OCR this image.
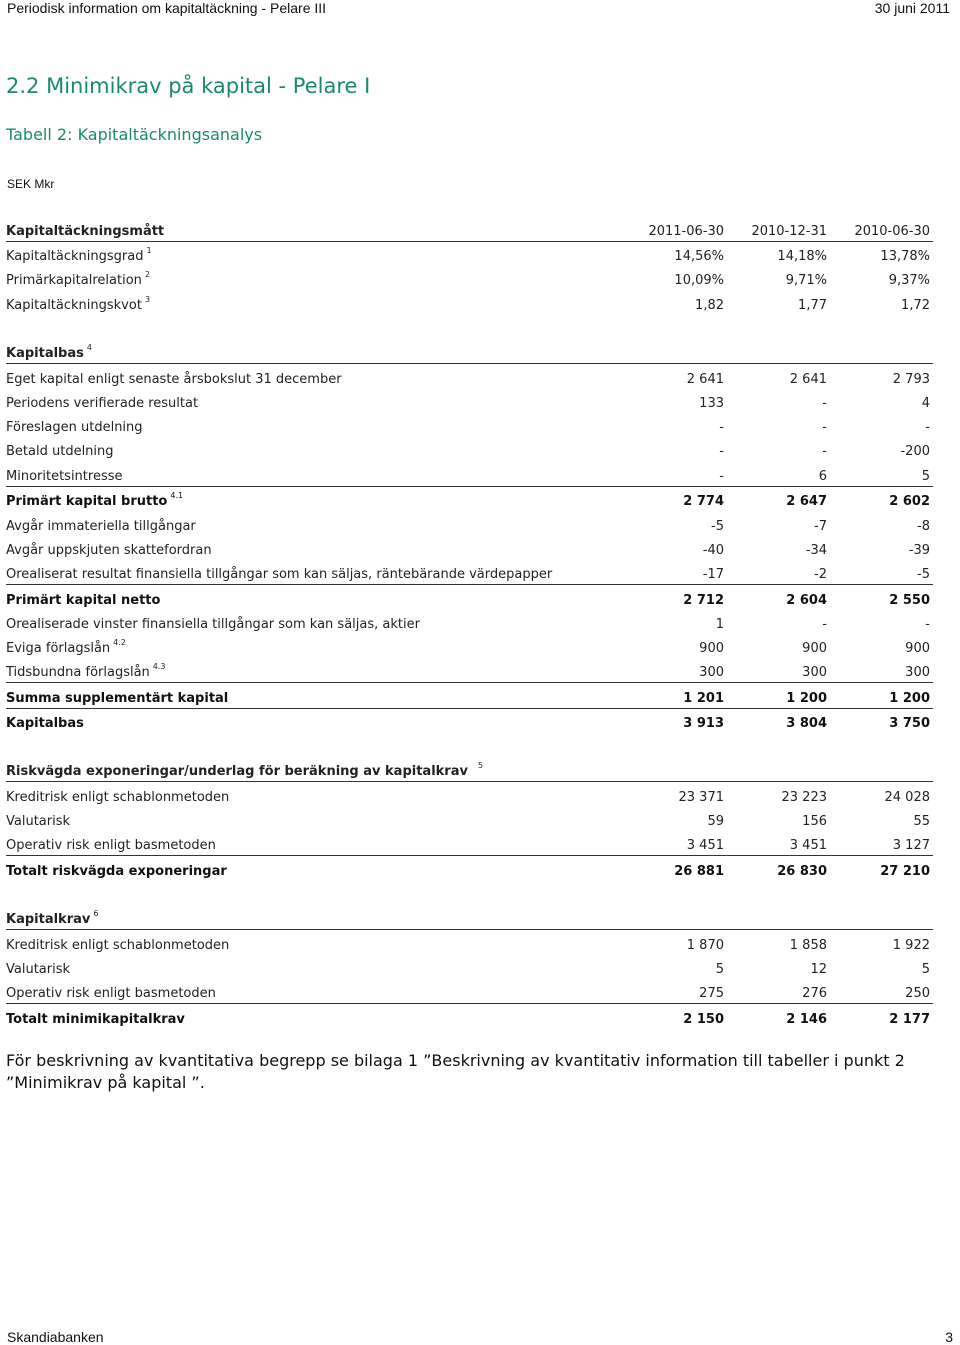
Periodisk information om kapitaltäckning - Pelare III	30 juni 2011
2.2 Minimikrav på kapital - Pelare I
Tabell 2: Kapitaltäckningsanalys
SEK Mkr
Kapitaltäckningsmått	2011-06-30	2010-12-31	2010-06-30
Kapitaltäckningsgrad $^1$	14,56%	14,18%	13,78%
Primärkapitalrelation $^2$	10,09%	9,71%	9,37%
Kapitaltäckningskvot $^3$	1,82	1,77	1,72
Kapitalbas $^4$
Eget kapital enligt senaste årsbokslut 31 december	2 641	2 641	2 793
Periodens verifierade resultat	133	-	4
Föreslagen utdelning	-	-	-
Betald utdelning	-	-	-200
Minoritetsintresse	-	6	5
Primärt kapital brutto $^{4.1}$	2 774	2 647	2 602
Avgår immateriella tillgångar	-5	-7	-8
Avgår uppskjuten skattefordran	-40	-34	-39
Orealiserat resultat finansiella tillgångar som kan säljas, räntebärande värdepapper	-17	-2	-5
Primärt kapital netto	2 712	2 604	2 550
Orealiserade vinster finansiella tillgångar som kan säljas, aktier	1	-	-
Eviga förlagslån $^{4.2}$	900	900	900
Tidsbundna förlagslån $^{4.3}$	300	300	300
Summa supplementärt kapital	1 201	1 200	1 200
Kapitalbas	3 913	3 804	3 750
Riskvägda exponeringar/underlag för beräkning av kapitalkrav $^5$
Kreditrisk enligt schablonmetoden	23 371	23 223	24 028
Valutarisk	59	156	55
Operativ risk enligt basmetoden	3 451	3 451	3 127
Totalt riskvägda exponeringar	26 881	26 830	27 210
Kapitalkrav $^6$
Kreditrisk enligt schablonmetoden	1 870	1 858	1 922
Valutarisk	5	12	5
Operativ risk enligt basmetoden	275	276	250
Totalt minimikapitalkrav	2 150	2 146	2 177
För beskrivning av kvantitativa begrepp se bilaga 1 ”Beskrivning av kvantitativ information till tabeller i punkt 2 ”Minimikrav på kapital ”.
Skandiabanken	3
